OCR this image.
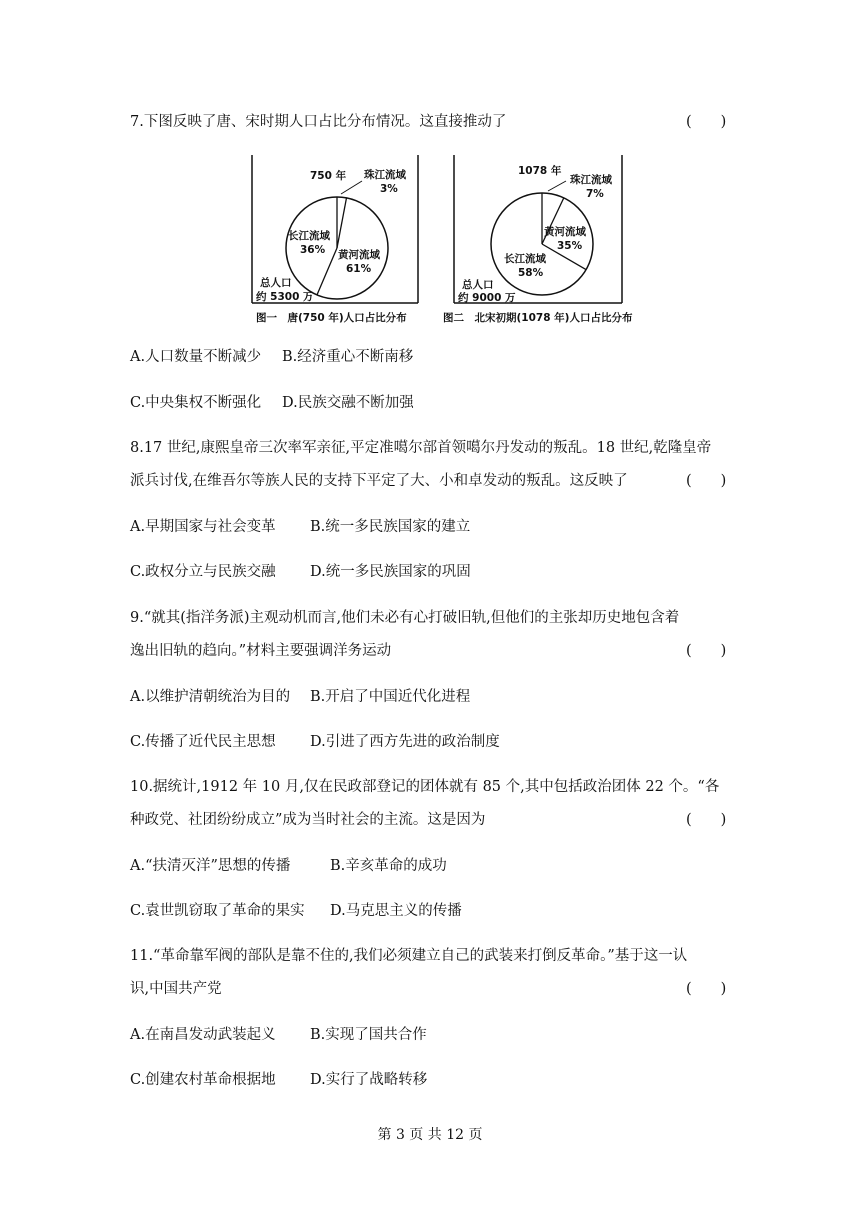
7.下图反映了唐、宋时期人口占比分布情况。这直接推动了	(　　)
750 年 珠江流域
3%
长江流域
36% 黄河流域
61%
总人口
约 5300 万
图一　唐(750 年)人口占比分布
1078 年
珠江流域
7%
黄河流域
35%
长江流域
58%
总人口
约 9000 万
图二　北宋初期(1078 年)人口占比分布
A.人口数量不断减少 B.经济重心不断南移
C.中央集权不断强化 D.民族交融不断加强
8.17 世纪,康熙皇帝三次率军亲征,平定准噶尔部首领噶尔丹发动的叛乱。18 世纪,乾隆皇帝
派兵讨伐,在维吾尔等族人民的支持下平定了大、小和卓发动的叛乱。这反映了	(　　)
A.早期国家与社会变革 B.统一多民族国家的建立
C.政权分立与民族交融 D.统一多民族国家的巩固
9.“就其(指洋务派)主观动机而言,他们未必有心打破旧轨,但他们的主张却历史地包含着
逸出旧轨的趋向。”材料主要强调洋务运动	(　　)
A.以维护清朝统治为目的 B.开启了中国近代化进程
C.传播了近代民主思想 D.引进了西方先进的政治制度
10.据统计,1912 年 10 月,仅在民政部登记的团体就有 85 个,其中包括政治团体 22 个。“各
种政党、社团纷纷成立”成为当时社会的主流。这是因为	(　　)
A.“扶清灭洋”思想的传播	B.辛亥革命的成功
C.袁世凯窃取了革命的果实 D.马克思主义的传播
11.“革命靠军阀的部队是靠不住的,我们必须建立自己的武装来打倒反革命。”基于这一认
识,中国共产党	(　　)
A.在南昌发动武装起义 B.实现了国共合作
C.创建农村革命根据地 D.实行了战略转移
第 3 页 共 12 页
